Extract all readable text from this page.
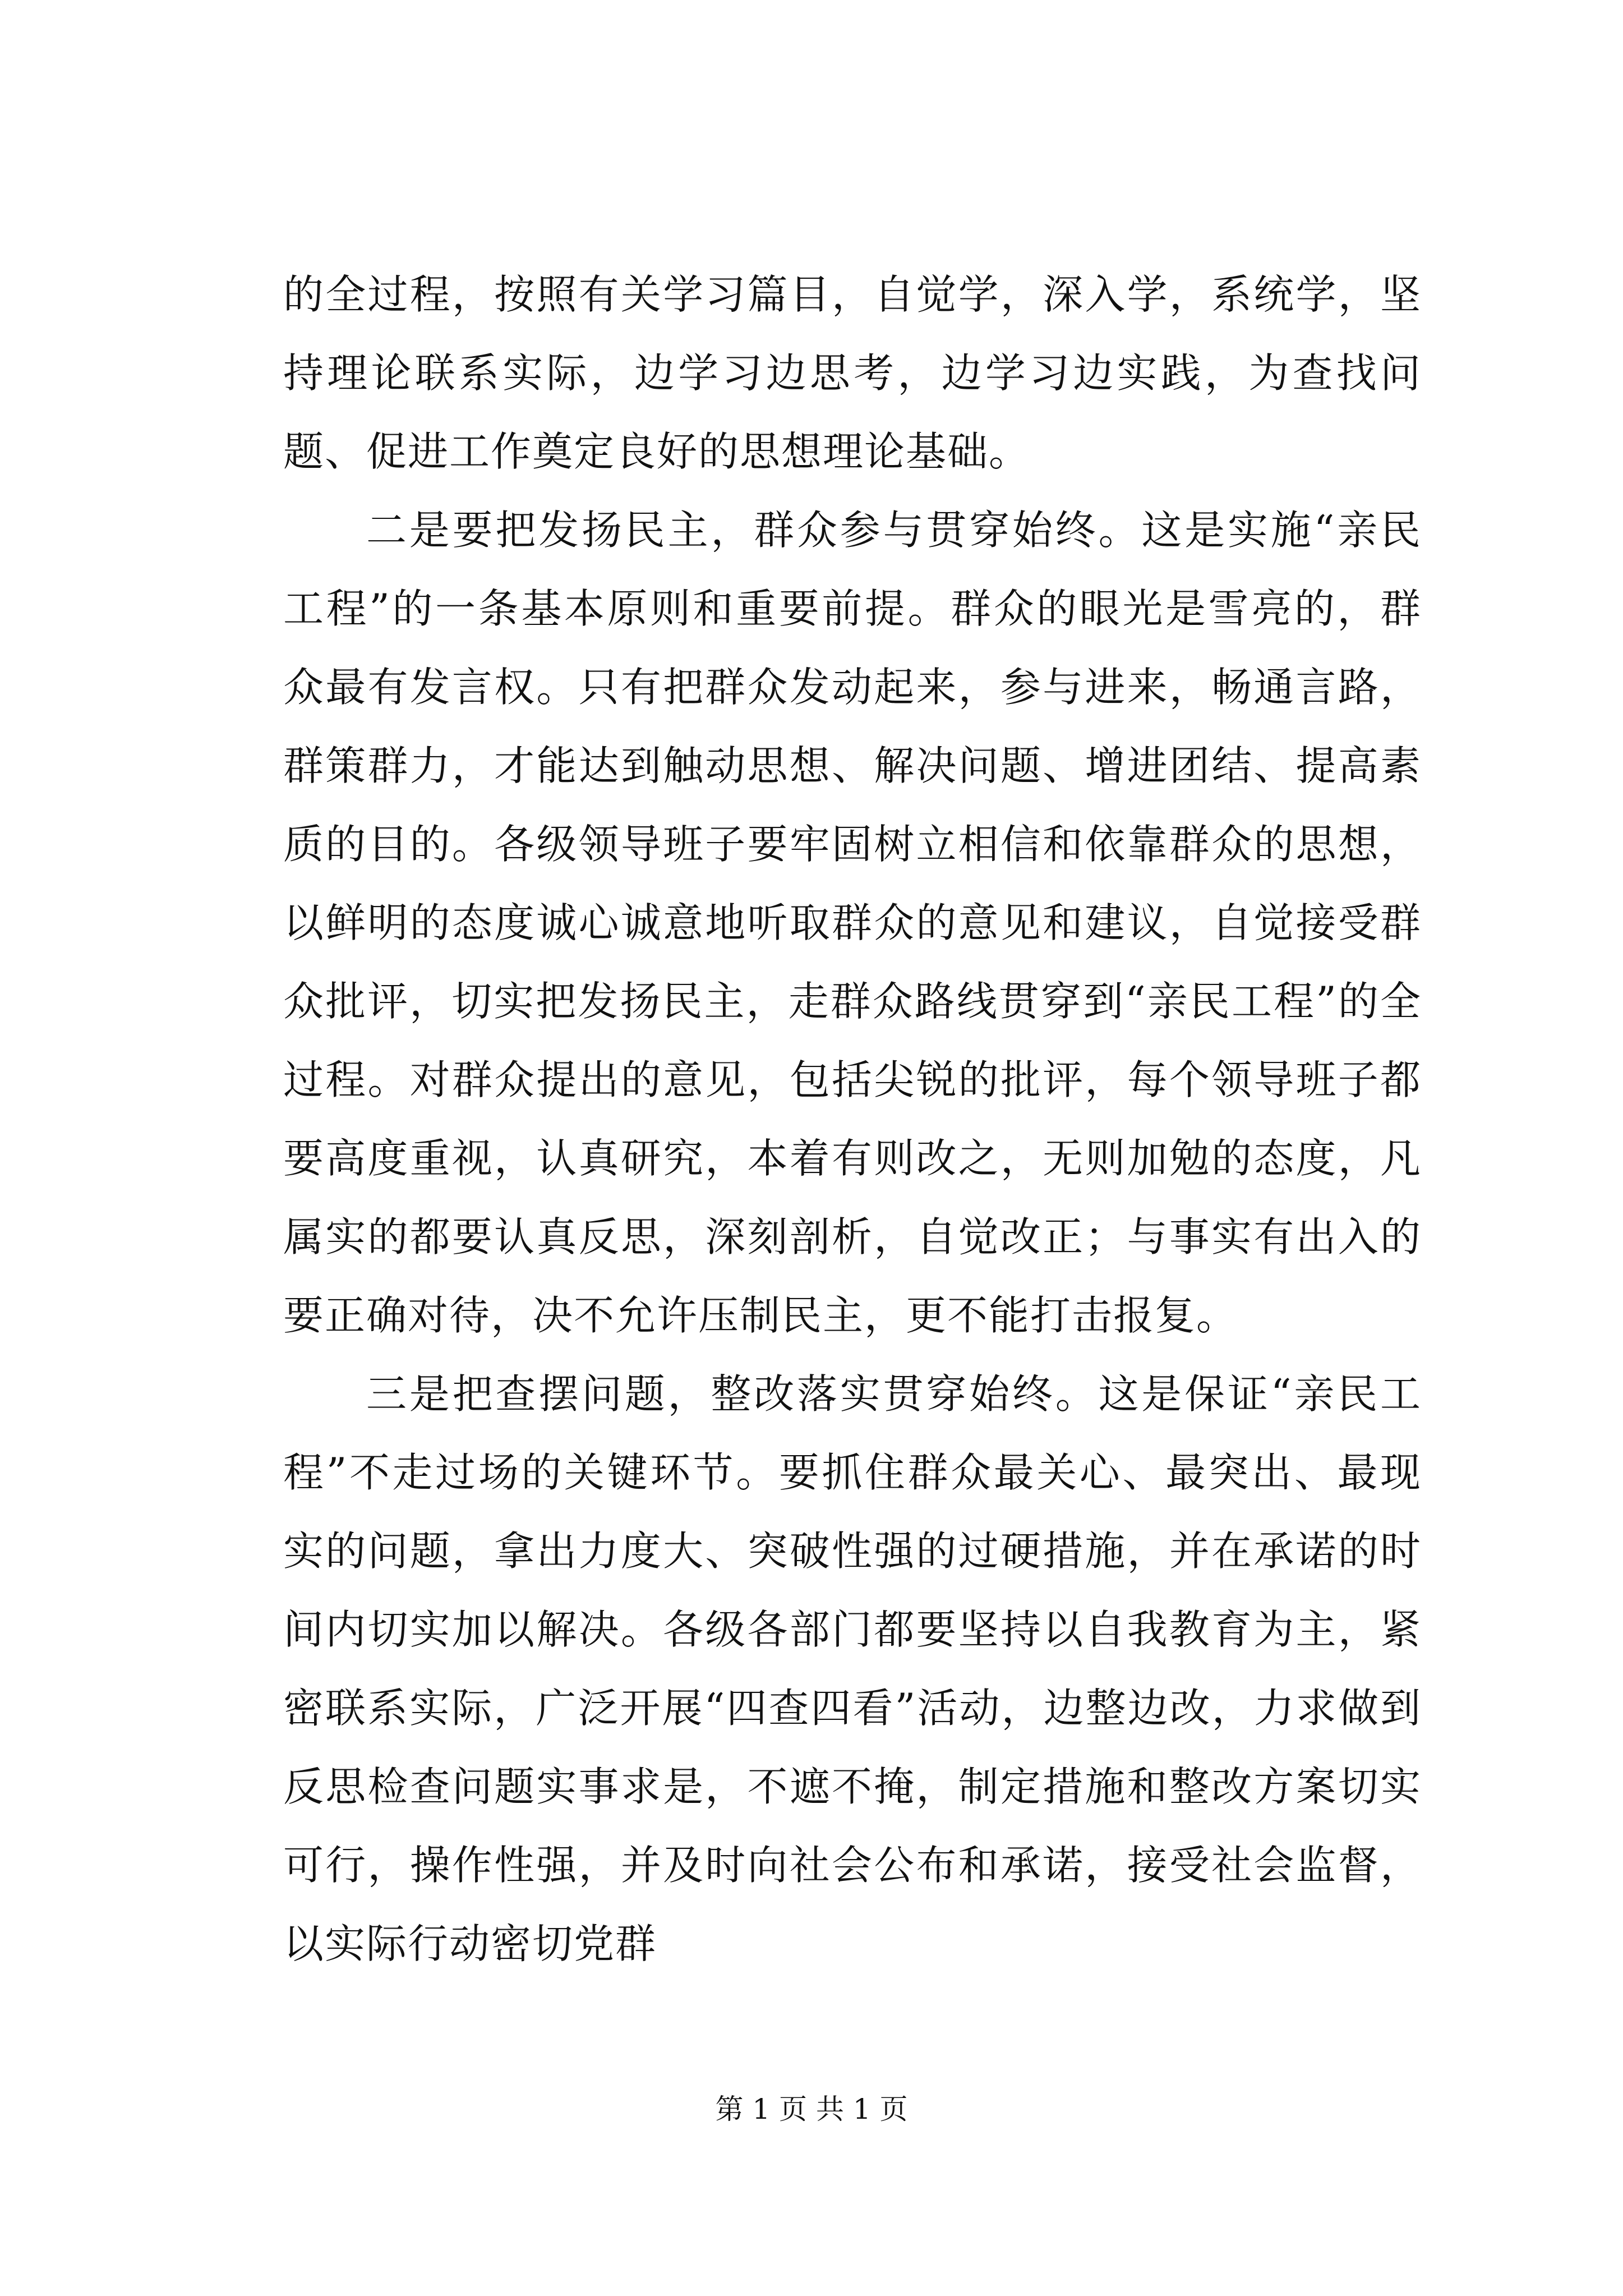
的全过程，按照有关学习篇目，自觉学，深入学，系统学，坚持理论联系实际，边学习边思考，边学习边实践，为查找问题、促进工作奠定良好的思想理论基础。

二是要把发扬民主，群众参与贯穿始终。这是实施“亲民工程”的一条基本原则和重要前提。群众的眼光是雪亮的，群众最有发言权。只有把群众发动起来，参与进来，畅通言路，群策群力，才能达到触动思想、解决问题、增进团结、提高素质的目的。各级领导班子要牢固树立相信和依靠群众的思想，以鲜明的态度诚心诚意地听取群众的意见和建议，自觉接受群众批评，切实把发扬民主，走群众路线贯穿到“亲民工程”的全过程。对群众提出的意见，包括尖锐的批评，每个领导班子都要高度重视，认真研究，本着有则改之，无则加勉的态度，凡属实的都要认真反思，深刻剖析，自觉改正；与事实有出入的要正确对待，决不允许压制民主，更不能打击报复。

三是把查摆问题，整改落实贯穿始终。这是保证“亲民工程”不走过场的关键环节。要抓住群众最关心、最突出、最现实的问题，拿出力度大、突破性强的过硬措施，并在承诺的时间内切实加以解决。各级各部门都要坚持以自我教育为主，紧密联系实际，广泛开展“四查四看”活动，边整边改，力求做到反思检查问题实事求是，不遮不掩，制定措施和整改方案切实可行，操作性强，并及时向社会公布和承诺，接受社会监督，以实际行动密切党群

第 1 页 共 1 页
